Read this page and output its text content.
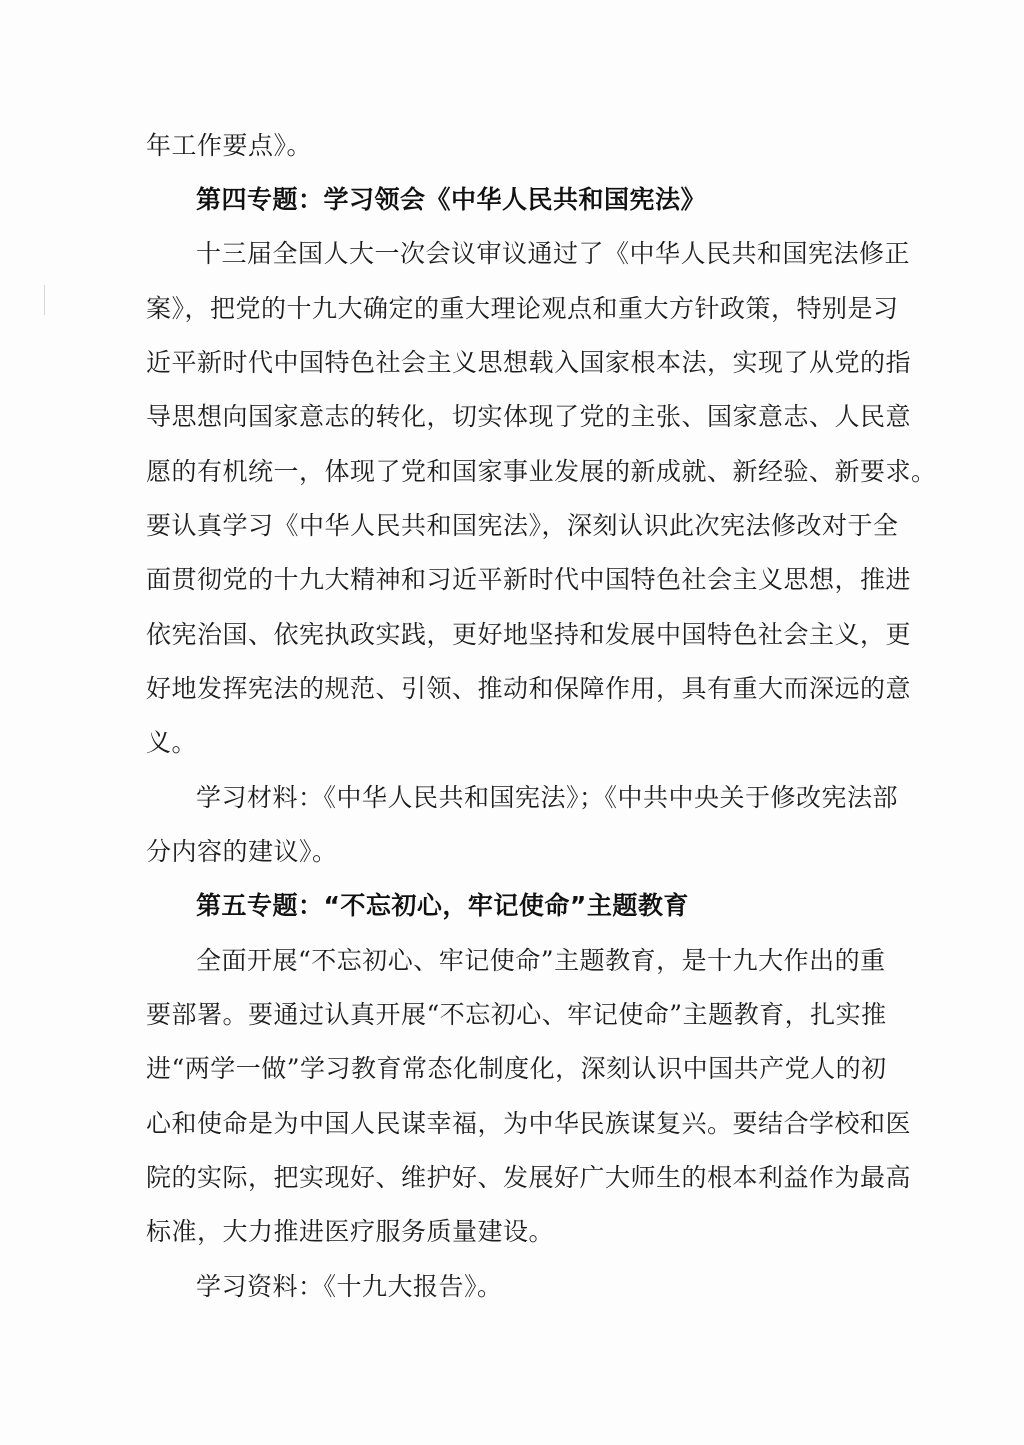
年工作要点》。
第四专题：学习领会《中华人民共和国宪法》
十三届全国人大一次会议审议通过了《中华人民共和国宪法修正
案》，把党的十九大确定的重大理论观点和重大方针政策，特别是习
近平新时代中国特色社会主义思想载入国家根本法，实现了从党的指
导思想向国家意志的转化，切实体现了党的主张、国家意志、人民意
愿的有机统一，体现了党和国家事业发展的新成就、新经验、新要求。
要认真学习《中华人民共和国宪法》，深刻认识此次宪法修改对于全
面贯彻党的十九大精神和习近平新时代中国特色社会主义思想，推进
依宪治国、依宪执政实践，更好地坚持和发展中国特色社会主义，更
好地发挥宪法的规范、引领、推动和保障作用，具有重大而深远的意
义。
学习材料：《中华人民共和国宪法》；《中共中央关于修改宪法部
分内容的建议》。
第五专题：“不忘初心，牢记使命”主题教育
全面开展“不忘初心、牢记使命”主题教育，是十九大作出的重
要部署。要通过认真开展“不忘初心、牢记使命”主题教育，扎实推
进“两学一做”学习教育常态化制度化，深刻认识中国共产党人的初
心和使命是为中国人民谋幸福，为中华民族谋复兴。要结合学校和医
院的实际，把实现好、维护好、发展好广大师生的根本利益作为最高
标准，大力推进医疗服务质量建设。
学习资料：《十九大报告》。
